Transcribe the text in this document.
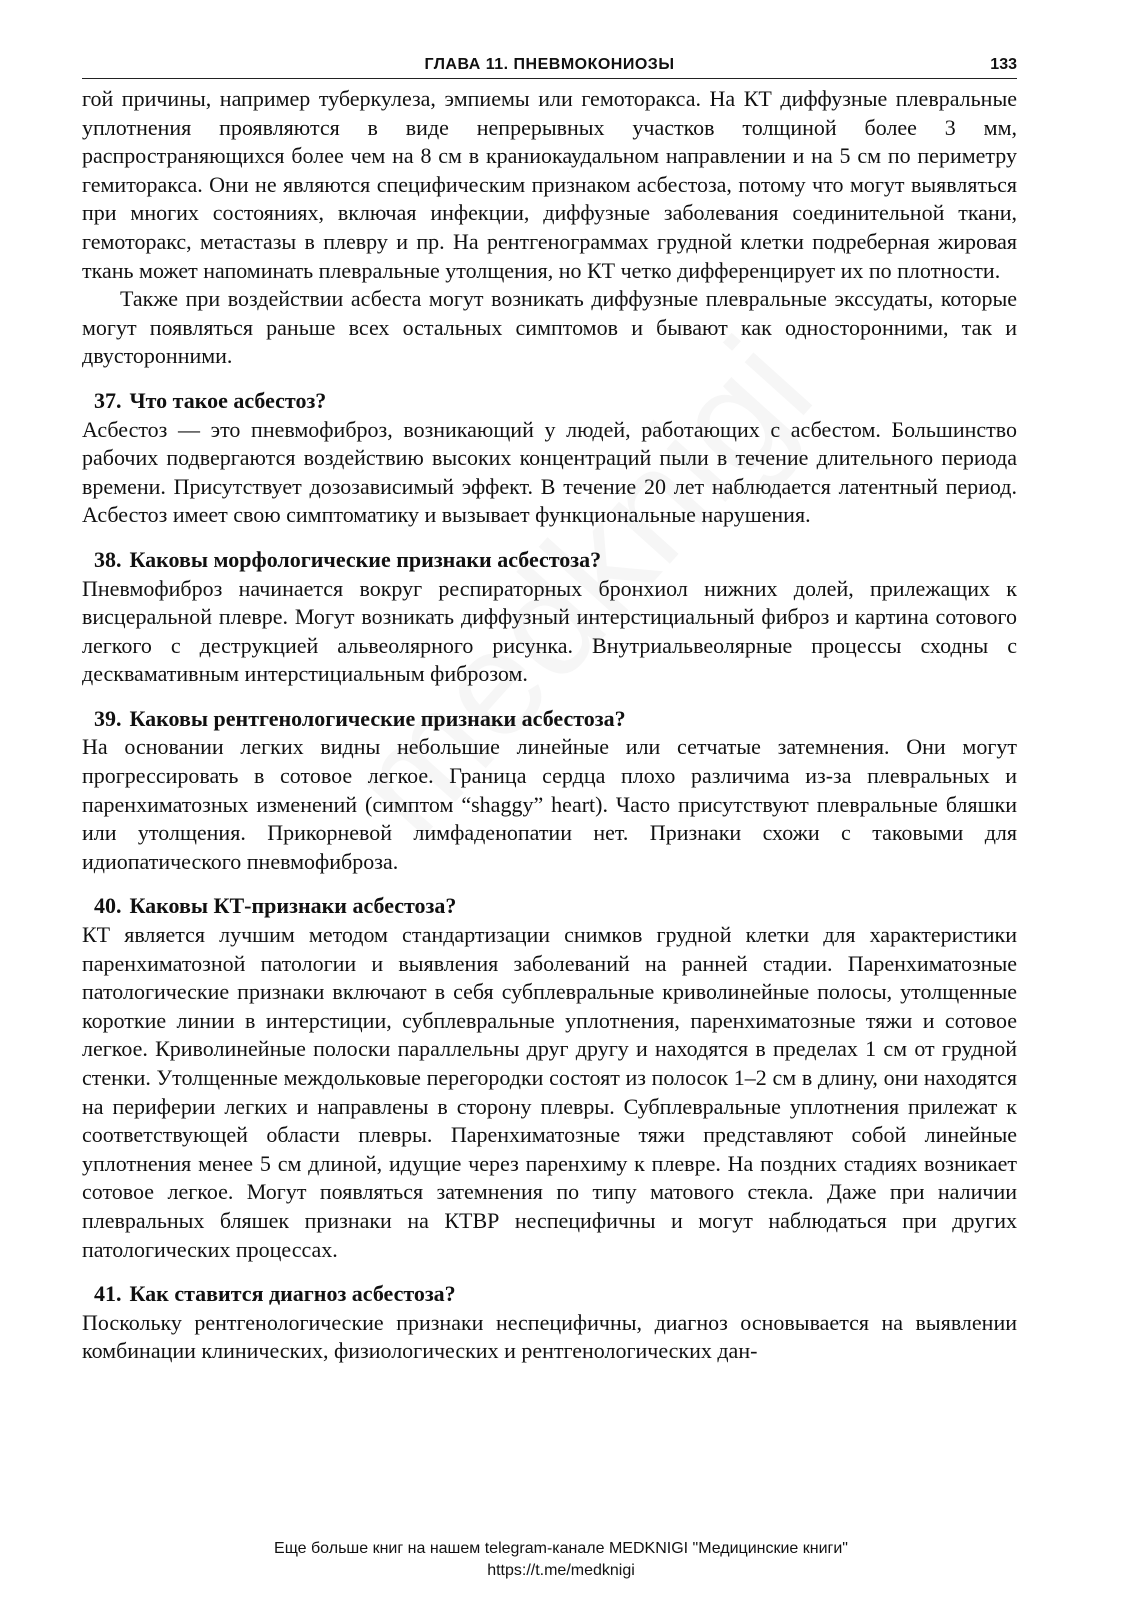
ГЛАВА 11. ПНЕВМОКОНИОЗЫ	133

гой причины, например туберкулеза, эмпиемы или гемоторакса. На КТ диффузные плевральные уплотнения проявляются в виде непрерывных участков толщиной более 3 мм, распространяющихся более чем на 8 см в краниокаудальном направлении и на 5 см по периметру гемиторакса. Они не являются специфическим признаком асбестоза, потому что могут выявляться при многих состояниях, включая инфекции, диффузные заболевания соединительной ткани, гемоторакс, метастазы в плевру и пр. На рентгенограммах грудной клетки подреберная жировая ткань может напоминать плевральные утолщения, но КТ четко дифференцирует их по плотности.

Также при воздействии асбеста могут возникать диффузные плевральные экссудаты, которые могут появляться раньше всех остальных симптомов и бывают как односторонними, так и двусторонними.

37. Что такое асбестоз?

Асбестоз — это пневмофиброз, возникающий у людей, работающих с асбестом. Большинство рабочих подвергаются воздействию высоких концентраций пыли в течение длительного периода времени. Присутствует дозозависимый эффект. В течение 20 лет наблюдается латентный период. Асбестоз имеет свою симптоматику и вызывает функциональные нарушения.

38. Каковы морфологические признаки асбестоза?

Пневмофиброз начинается вокруг респираторных бронхиол нижних долей, прилежащих к висцеральной плевре. Могут возникать диффузный интерстициальный фиброз и картина сотового легкого с деструкцией альвеолярного рисунка. Внутриальвеолярные процессы сходны с десквамативным интерстициальным фиброзом.

39. Каковы рентгенологические признаки асбестоза?

На основании легких видны небольшие линейные или сетчатые затемнения. Они могут прогрессировать в сотовое легкое. Граница сердца плохо различима из-за плевральных и паренхиматозных изменений (симптом “shaggy” heart). Часто присутствуют плевральные бляшки или утолщения. Прикорневой лимфаденопатии нет. Признаки схожи с таковыми для идиопатического пневмофиброза.

40. Каковы КТ-признаки асбестоза?

КТ является лучшим методом стандартизации снимков грудной клетки для характеристики паренхиматозной патологии и выявления заболеваний на ранней стадии. Паренхиматозные патологические признаки включают в себя субплевральные криволинейные полосы, утолщенные короткие линии в интерстиции, субплевральные уплотнения, паренхиматозные тяжи и сотовое легкое. Криволинейные полоски параллельны друг другу и находятся в пределах 1 см от грудной стенки. Утолщенные междольковые перегородки состоят из полосок 1–2 см в длину, они находятся на периферии легких и направлены в сторону плевры. Субплевральные уплотнения прилежат к соответствующей области плевры. Паренхиматозные тяжи представляют собой линейные уплотнения менее 5 см длиной, идущие через паренхиму к плевре. На поздних стадиях возникает сотовое легкое. Могут появляться затемнения по типу матового стекла. Даже при наличии плевральных бляшек признаки на КТВР неспецифичны и могут наблюдаться при других патологических процессах.

41. Как ставится диагноз асбестоза?

Поскольку рентгенологические признаки неспецифичны, диагноз основывается на выявлении комбинации клинических, физиологических и рентгенологических дан-

Еще больше книг на нашем telegram-канале MEDKNIGI "Медицинские книги"
https://t.me/medknigi
